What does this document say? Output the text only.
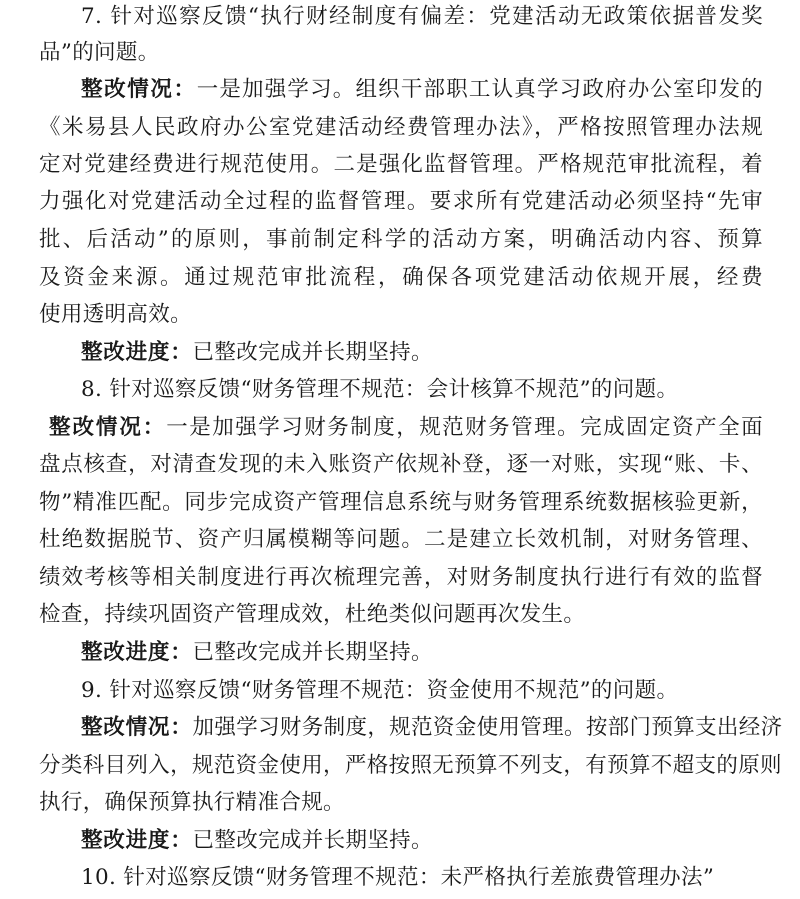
7. 针对巡察反馈“执行财经制度有偏差：党建活动无政策依据普发奖
品”的问题。
整改情况：一是加强学习。组织干部职工认真学习政府办公室印发的
《米易县人民政府办公室党建活动经费管理办法》，严格按照管理办法规
定对党建经费进行规范使用。二是强化监督管理。严格规范审批流程，着
力强化对党建活动全过程的监督管理。要求所有党建活动必须坚持“先审
批、后活动”的原则，事前制定科学的活动方案，明确活动内容、预算
及资金来源。通过规范审批流程，确保各项党建活动依规开展，经费
使用透明高效。
整改进度：已整改完成并长期坚持。
8. 针对巡察反馈“财务管理不规范：会计核算不规范”的问题。
整改情况：一是加强学习财务制度，规范财务管理。完成固定资产全面
盘点核查，对清查发现的未入账资产依规补登，逐一对账，实现“账、卡、
物”精准匹配。同步完成资产管理信息系统与财务管理系统数据核验更新，
杜绝数据脱节、资产归属模糊等问题。二是建立长效机制，对财务管理、
绩效考核等相关制度进行再次梳理完善，对财务制度执行进行有效的监督
检查，持续巩固资产管理成效，杜绝类似问题再次发生。
整改进度：已整改完成并长期坚持。
9. 针对巡察反馈“财务管理不规范：资金使用不规范”的问题。
整改情况：加强学习财务制度，规范资金使用管理。按部门预算支出经济
分类科目列入，规范资金使用，严格按照无预算不列支，有预算不超支的原则
执行，确保预算执行精准合规。
整改进度：已整改完成并长期坚持。
10. 针对巡察反馈“财务管理不规范：未严格执行差旅费管理办法”
